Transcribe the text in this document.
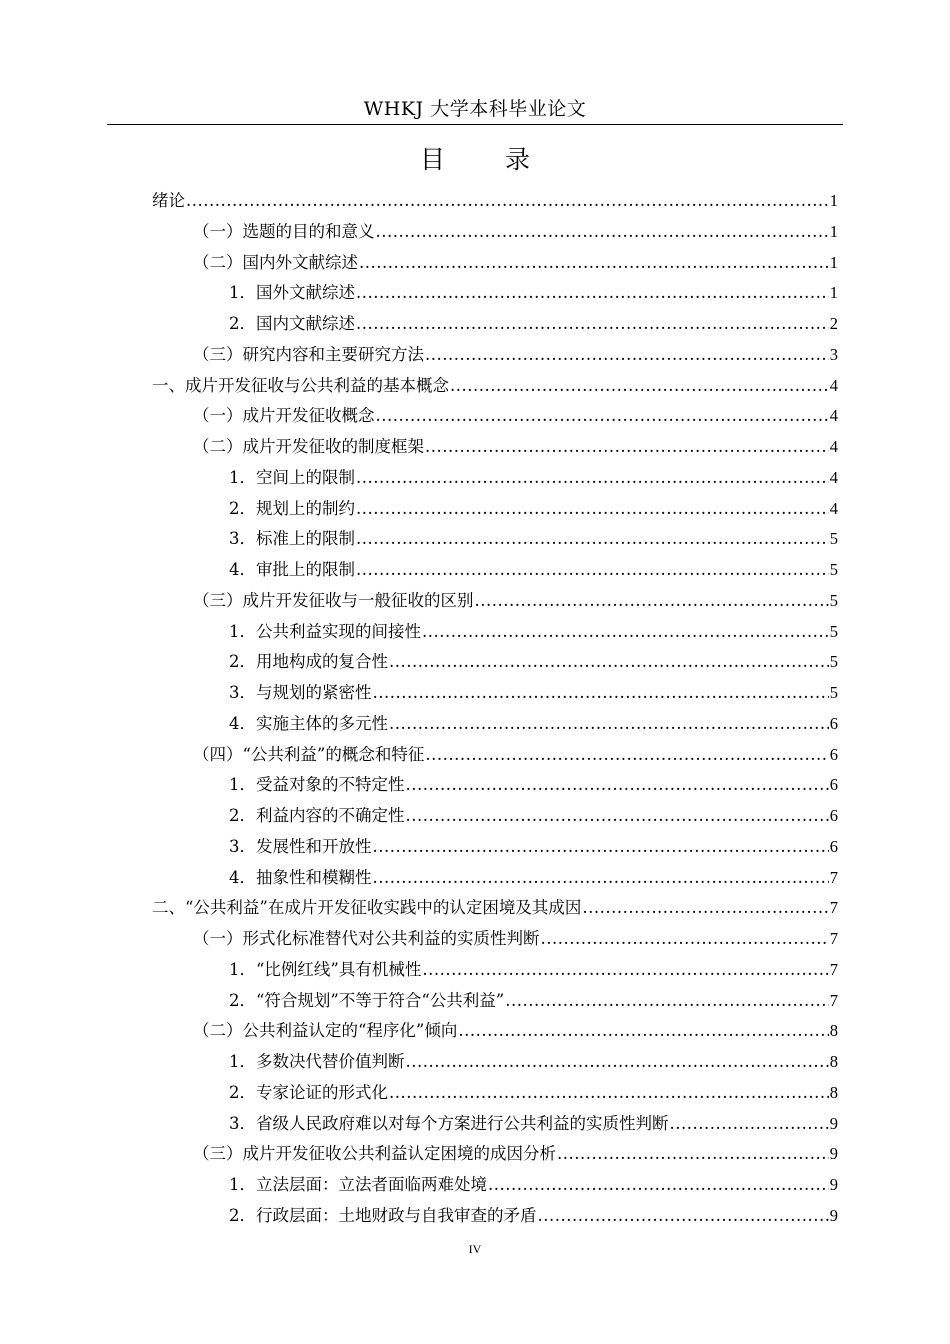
WHKJ 大学本科毕业论文
目 录
绪论 .....	1
（一）选题的目的和意义 .....	1
（二）国内外文献综述 .....	1
1．国外文献综述 .....	1
2．国内文献综述 .....	2
（三）研究内容和主要研究方法 .....	3
一、成片开发征收与公共利益的基本概念 .....	4
（一）成片开发征收概念 .....	4
（二）成片开发征收的制度框架 .....	4
1．空间上的限制 .....	4
2．规划上的制约 .....	4
3．标准上的限制 .....	5
4．审批上的限制 .....	5
（三）成片开发征收与一般征收的区别 .....	5
1．公共利益实现的间接性 .....	5
2．用地构成的复合性 .....	5
3．与规划的紧密性 .....	5
4．实施主体的多元性 .....	6
（四）“公共利益”的概念和特征 .....	6
1．受益对象的不特定性 .....	6
2．利益内容的不确定性 .....	6
3．发展性和开放性 .....	6
4．抽象性和模糊性 .....	7
二、“公共利益”在成片开发征收实践中的认定困境及其成因 .....	7
（一）形式化标准替代对公共利益的实质性判断 .....	7
1．“比例红线”具有机械性 .....	7
2．“符合规划”不等于符合“公共利益” .....	7
（二）公共利益认定的“程序化”倾向 .....	8
1．多数决代替价值判断 .....	8
2．专家论证的形式化 .....	8
3．省级人民政府难以对每个方案进行公共利益的实质性判断 .....	9
（三）成片开发征收公共利益认定困境的成因分析 .....	9
1．立法层面：立法者面临两难处境 .....	9
2．行政层面：土地财政与自我审查的矛盾 .....	9
IV
